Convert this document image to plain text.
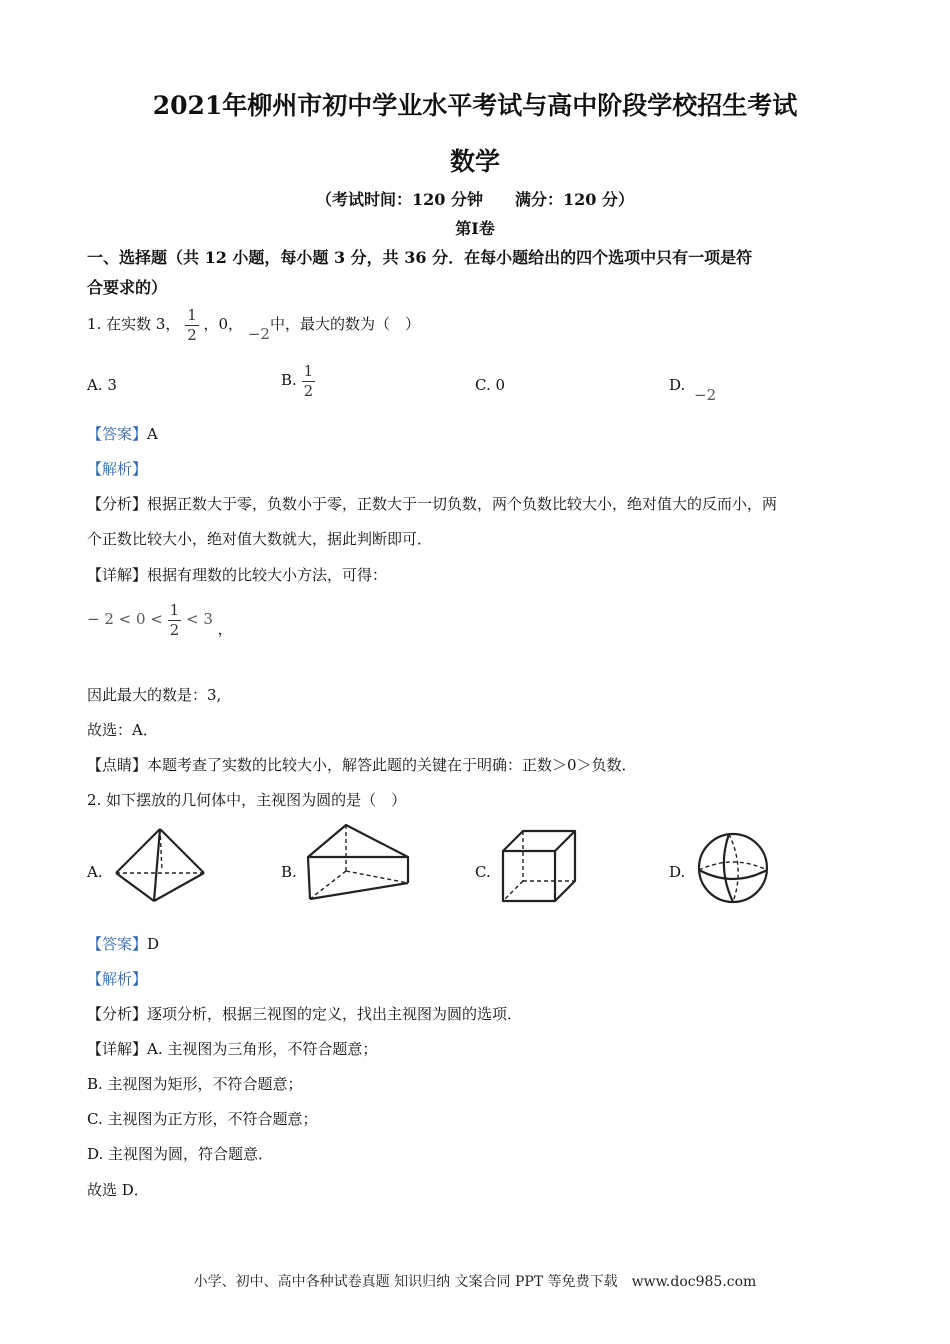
2021年柳州市初中学业水平考试与高中阶段学校招生考试
数学
（考试时间：120 分钟　　满分：120 分）
第Ⅰ卷
一、选择题（共 12 小题，每小题 3 分，共 36 分．在每小题给出的四个选项中只有一项是符
合要求的）
1. 在实数 3， $\frac{1}{2}$ ，0， −2中，最大的数为（　）
A. 3	B. $\frac{1}{2}$	C. 0	D. −2
【答案】A
【解析】
【分析】根据正数大于零，负数小于零，正数大于一切负数，两个负数比较大小，绝对值大的反而小，两
个正数比较大小，绝对值大数就大，据此判断即可．
【详解】根据有理数的比较大小方法，可得：
− $2 < 0 < \frac{1}{2} < 3$ ，
因此最大的数是：3,
故选：A．
【点睛】本题考查了实数的比较大小，解答此题的关键在于明确：正数＞0＞负数．
2. 如下摆放的几何体中，主视图为圆的是（　）
A.	B.	C.	D.
【答案】D
【解析】
【分析】逐项分析，根据三视图的定义，找出主视图为圆的选项．
【详解】A. 主视图为三角形，不符合题意；
B. 主视图为矩形，不符合题意；
C. 主视图为正方形，不符合题意；
D. 主视图为圆，符合题意．
故选 D．
小学、初中、高中各种试卷真题 知识归纳 文案合同 PPT 等免费下载　www.doc985.com
